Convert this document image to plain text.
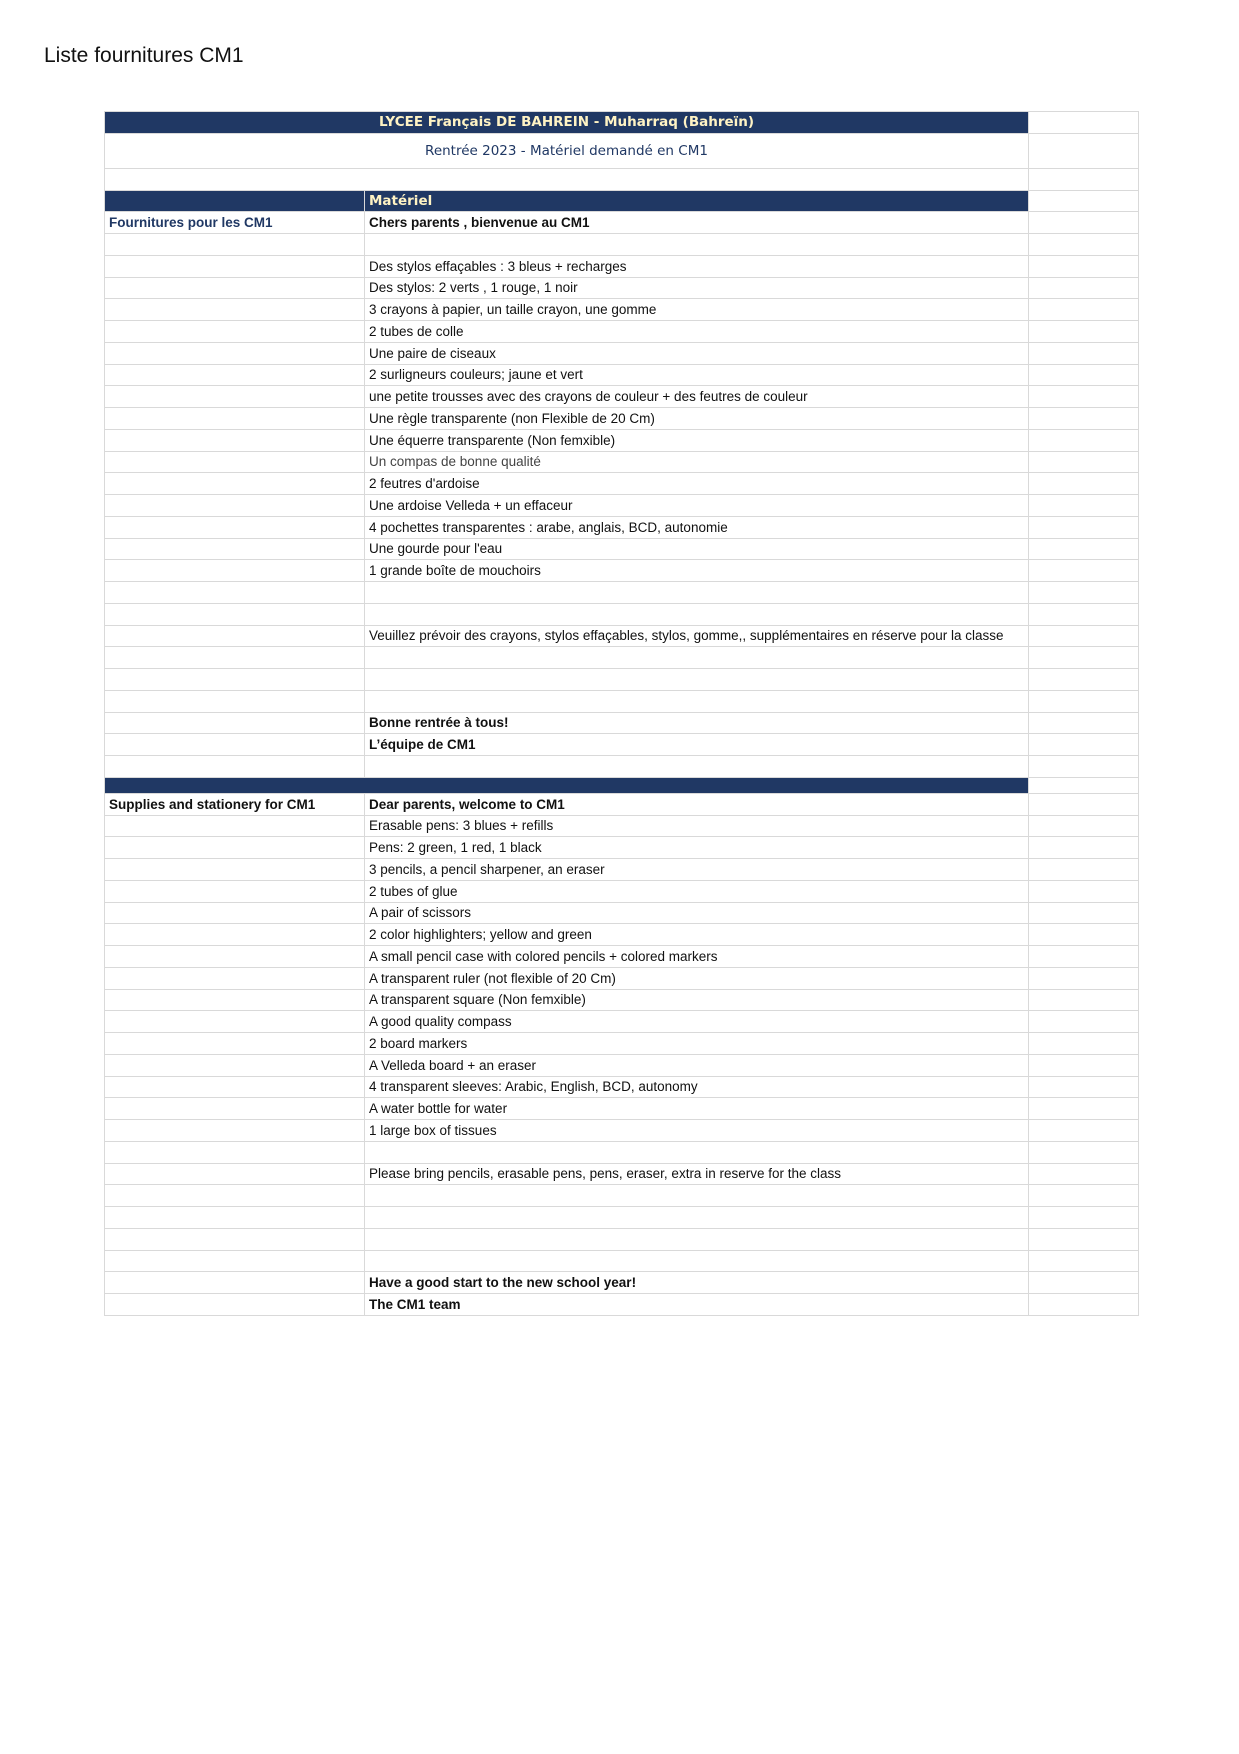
Liste fournitures CM1
LYCEE Français DE BAHREIN - Muharraq (Bahreïn)		
Rentrée 2023 - Matériel demandé en CM1		

	Matériel	
Fournitures pour les CM1	Chers parents , bienvenue au CM1	

	Des stylos effaçables : 3 bleus + recharges	
	Des stylos: 2 verts , 1 rouge, 1 noir	
	3 crayons à papier, un taille crayon, une gomme	
	2 tubes de colle	
	Une paire de ciseaux	
	2 surligneurs couleurs; jaune et vert	
	une petite trousses avec des crayons de couleur + des feutres de couleur	
	Une règle transparente (non Flexible de 20 Cm)	
	Une équerre transparente (Non femxible)	
	Un compas de bonne qualité	
	2 feutres d'ardoise	
	Une ardoise Velleda + un effaceur	
	4 pochettes transparentes : arabe, anglais, BCD, autonomie	
	Une gourde pour l'eau	
	1 grande boîte de mouchoirs	

	Veuillez prévoir des crayons, stylos effaçables, stylos, gomme,, supplémentaires en réserve pour la classe	

	Bonne rentrée à tous!	
	L’équipe de CM1	

Supplies and stationery for CM1	Dear parents, welcome to CM1	
	Erasable pens: 3 blues + refills	
	Pens: 2 green, 1 red, 1 black	
	3 pencils, a pencil sharpener, an eraser	
	2 tubes of glue	
	A pair of scissors	
	2 color highlighters; yellow and green	
	A small pencil case with colored pencils + colored markers	
	A transparent ruler (not flexible of 20 Cm)	
	A transparent square (Non femxible)	
	A good quality compass	
	2 board markers	
	A Velleda board + an eraser	
	4 transparent sleeves: Arabic, English, BCD, autonomy	
	A water bottle for water	
	1 large box of tissues	

	Please bring pencils, erasable pens, pens, eraser, extra in reserve for the class	

	Have a good start to the new school year!	
	The CM1 team	
